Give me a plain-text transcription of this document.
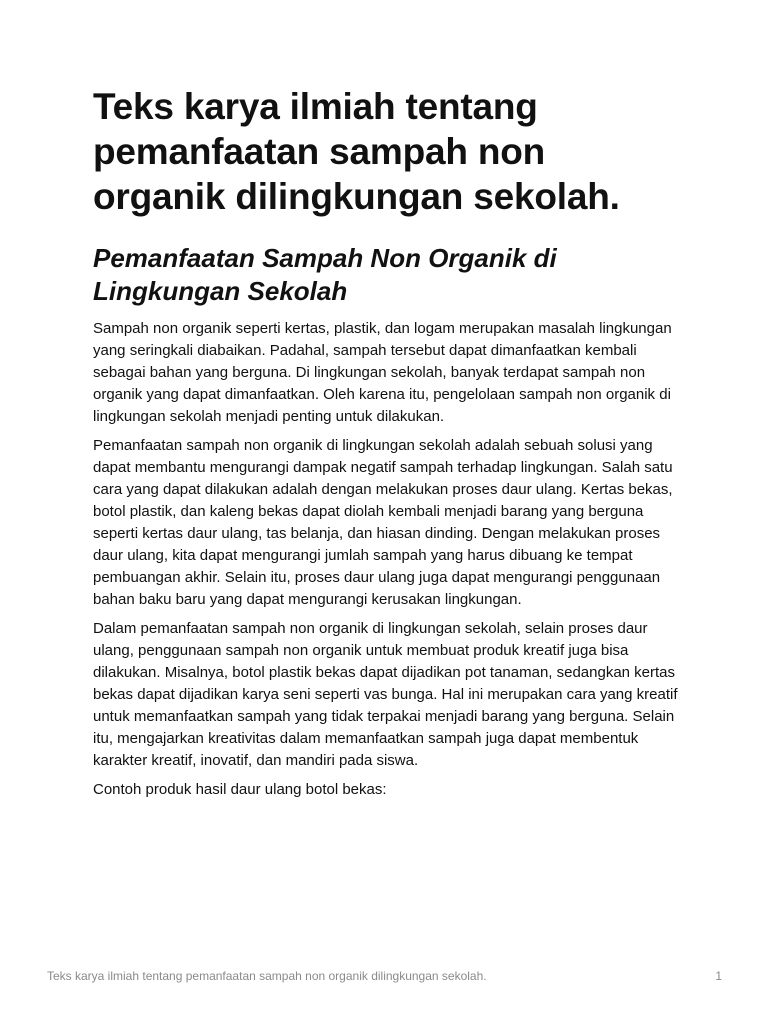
Teks karya ilmiah tentang pemanfaatan sampah non organik dilingkungan sekolah.
Pemanfaatan Sampah Non Organik di Lingkungan Sekolah

Sampah non organik seperti kertas, plastik, dan logam merupakan masalah lingkungan yang seringkali diabaikan. Padahal, sampah tersebut dapat dimanfaatkan kembali sebagai bahan yang berguna. Di lingkungan sekolah, banyak terdapat sampah non organik yang dapat dimanfaatkan. Oleh karena itu, pengelolaan sampah non organik di lingkungan sekolah menjadi penting untuk dilakukan.

Pemanfaatan sampah non organik di lingkungan sekolah adalah sebuah solusi yang dapat membantu mengurangi dampak negatif sampah terhadap lingkungan. Salah satu cara yang dapat dilakukan adalah dengan melakukan proses daur ulang. Kertas bekas, botol plastik, dan kaleng bekas dapat diolah kembali menjadi barang yang berguna seperti kertas daur ulang, tas belanja, dan hiasan dinding. Dengan melakukan proses daur ulang, kita dapat mengurangi jumlah sampah yang harus dibuang ke tempat pembuangan akhir. Selain itu, proses daur ulang juga dapat mengurangi penggunaan bahan baku baru yang dapat mengurangi kerusakan lingkungan.

Dalam pemanfaatan sampah non organik di lingkungan sekolah, selain proses daur ulang, penggunaan sampah non organik untuk membuat produk kreatif juga bisa dilakukan. Misalnya, botol plastik bekas dapat dijadikan pot tanaman, sedangkan kertas bekas dapat dijadikan karya seni seperti vas bunga. Hal ini merupakan cara yang kreatif untuk memanfaatkan sampah yang tidak terpakai menjadi barang yang berguna. Selain itu, mengajarkan kreativitas dalam memanfaatkan sampah juga dapat membentuk karakter kreatif, inovatif, dan mandiri pada siswa.

Contoh produk hasil daur ulang botol bekas:

Teks karya ilmiah tentang pemanfaatan sampah non organik dilingkungan sekolah.	1
